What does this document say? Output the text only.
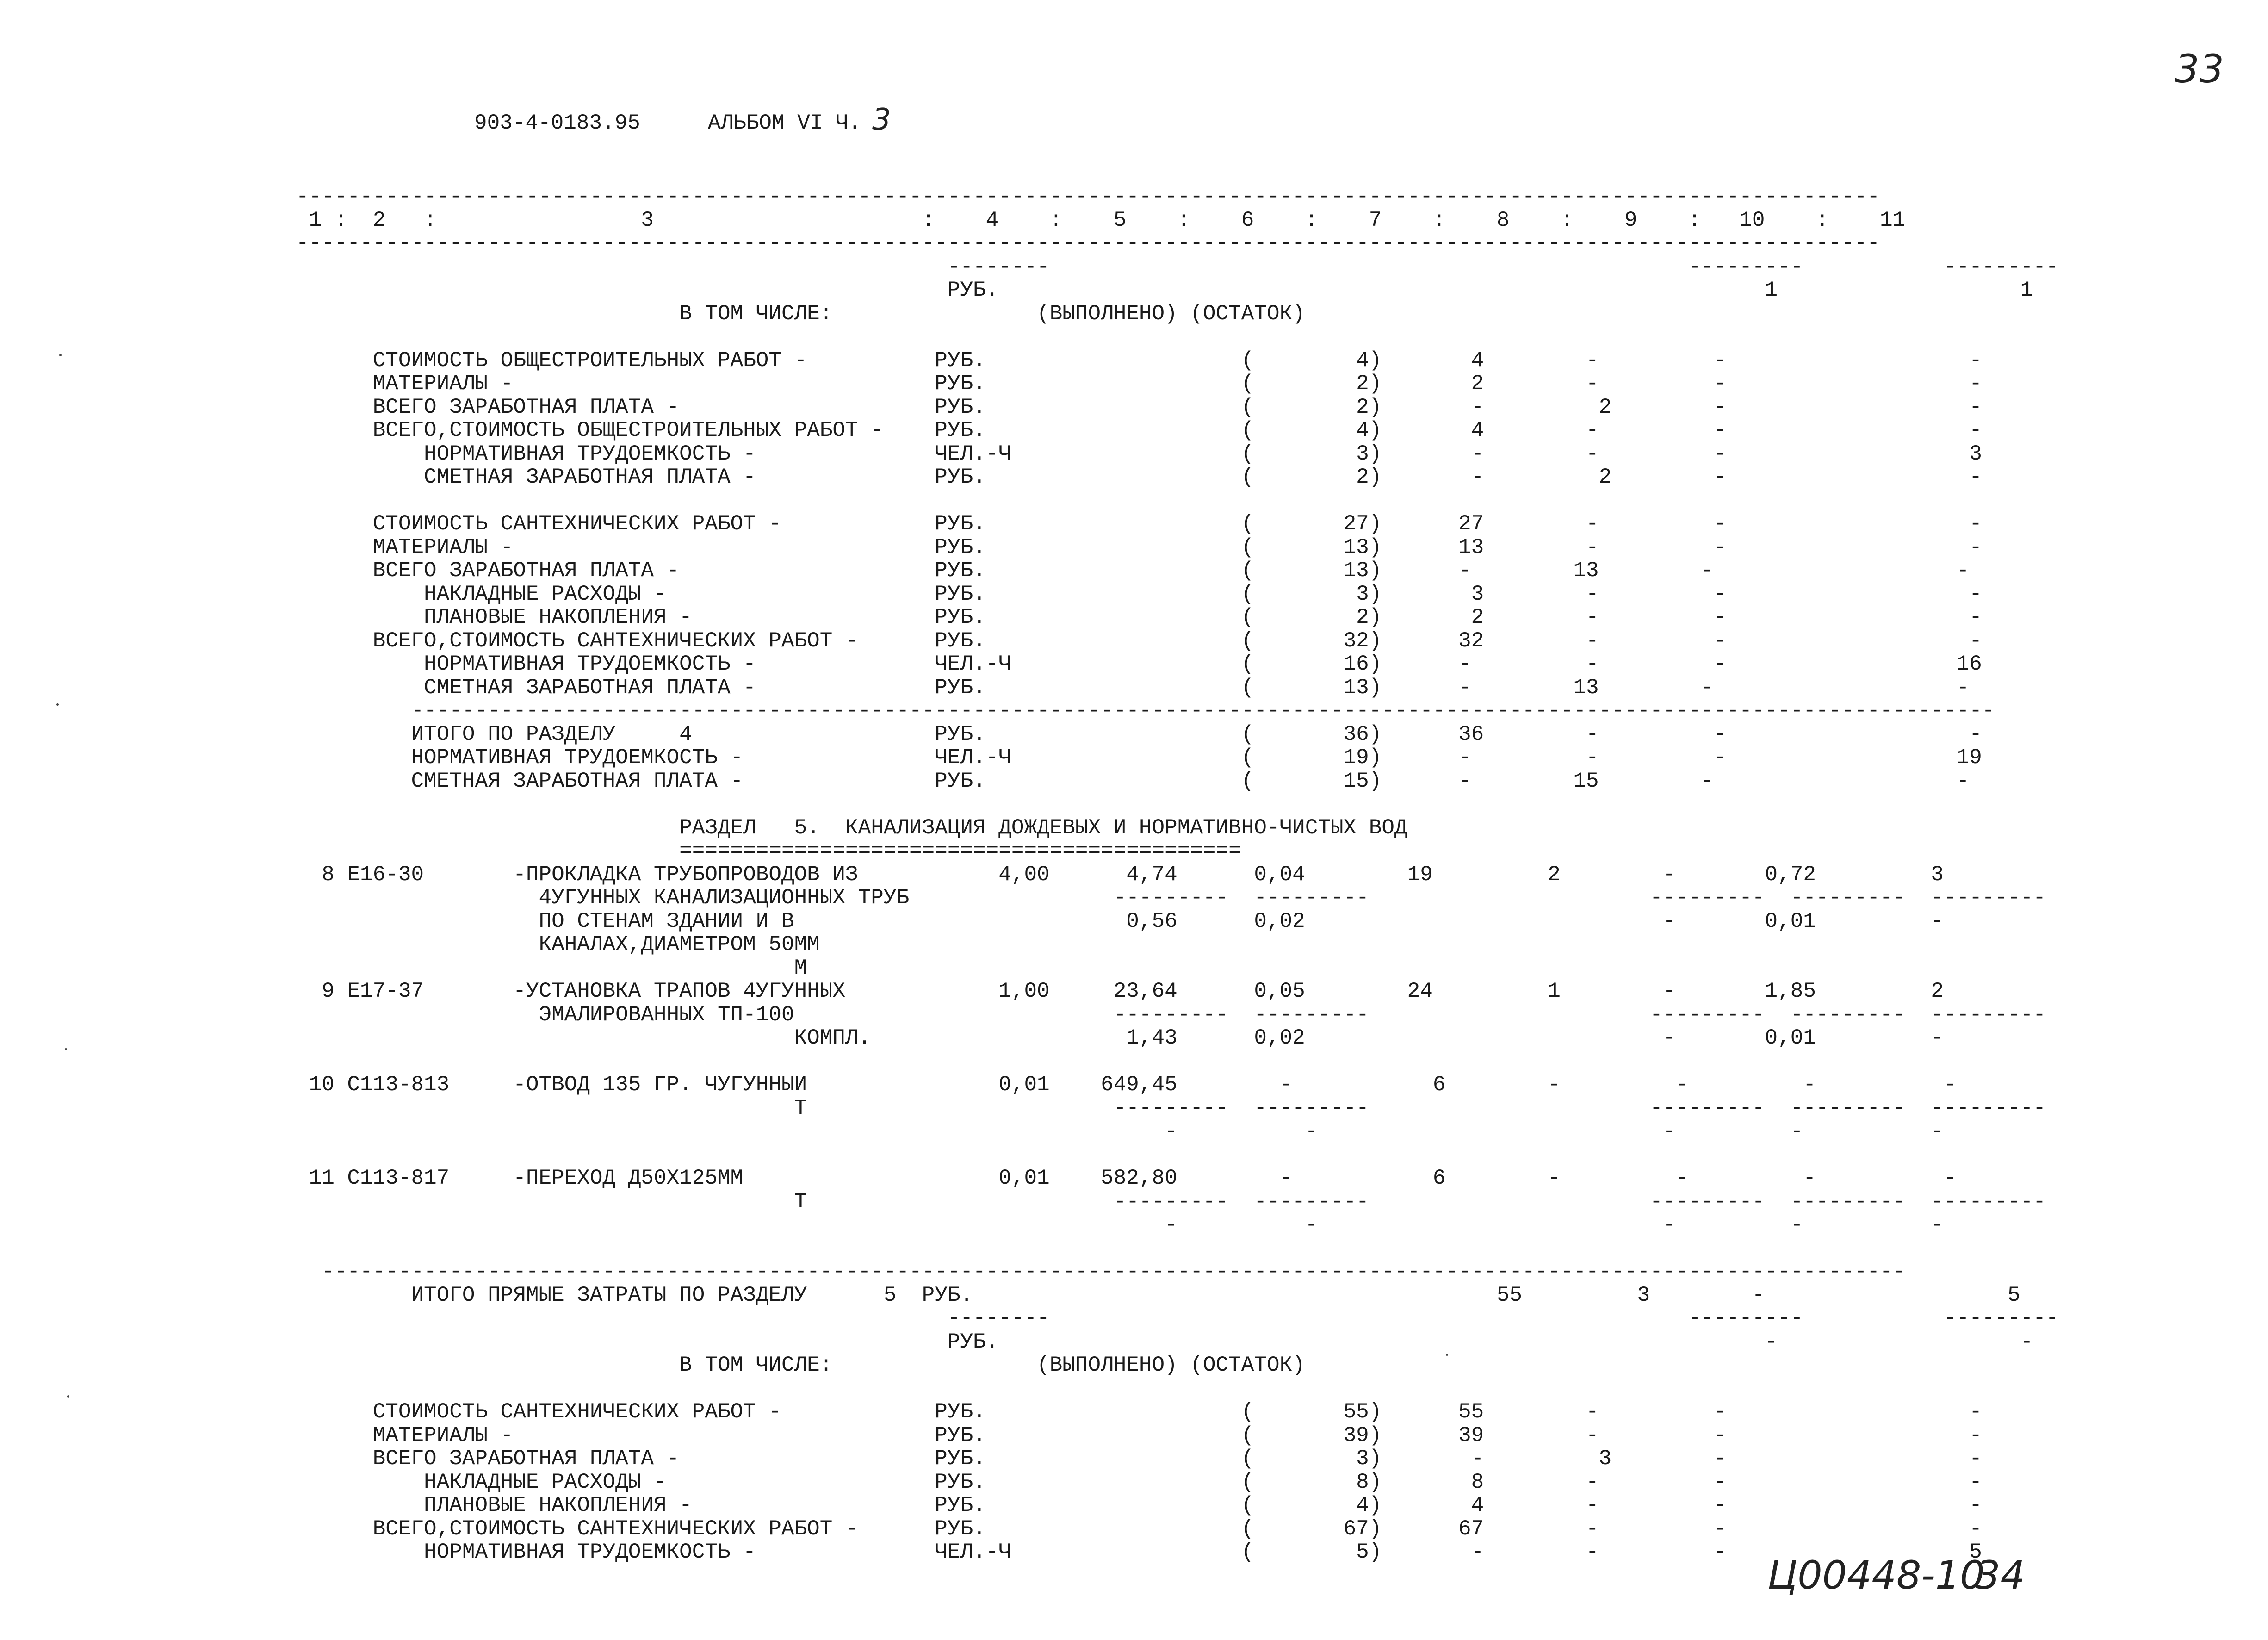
903-4-0183.95	АЛЬБОМ VI Ч. 3
33
----------------------------------------------------------------------------------------------------------------------------
1 :  2   :                3                     :    4    :    5    :    6    :    7    :    8    :    9    :   10    :    11
----------------------------------------------------------------------------------------------------------------------------
--------                                                  ---------           ---------
РУБ.                                                            1                   1
В ТОМ ЧИСЛЕ:                (ВЫПОЛНЕНО) (ОСТАТОК)
СТОИМОСТЬ ОБЩЕСТРОИТЕЛЬНЫХ РАБОТ -          РУБ.                    (        4)       4        -         -                   -
МАТЕРИАЛЫ -                                 РУБ.                    (        2)       2        -         -                   -
ВСЕГО ЗАРАБОТНАЯ ПЛАТА -                    РУБ.                    (        2)       -         2        -                   -
ВСЕГО,СТОИМОСТЬ ОБЩЕСТРОИТЕЛЬНЫХ РАБОТ -    РУБ.                    (        4)       4        -         -                   -
НОРМАТИВНАЯ ТРУДОЕМКОСТЬ -              ЧЕЛ.-Ч                  (        3)       -        -         -                   3
СМЕТНАЯ ЗАРАБОТНАЯ ПЛАТА -              РУБ.                    (        2)       -         2        -                   -
СТОИМОСТЬ САНТЕХНИЧЕСКИХ РАБОТ -            РУБ.                    (       27)      27        -         -                   -
МАТЕРИАЛЫ -                                 РУБ.                    (       13)      13        -         -                   -
ВСЕГО ЗАРАБОТНАЯ ПЛАТА -                    РУБ.                    (       13)      -        13        -                   -
НАКЛАДНЫЕ РАСХОДЫ -                     РУБ.                    (        3)       3        -         -                   -
ПЛАНОВЫЕ НАКОПЛЕНИЯ -                   РУБ.                    (        2)       2        -         -                   -
ВСЕГО,СТОИМОСТЬ САНТЕХНИЧЕСКИХ РАБОТ -      РУБ.                    (       32)      32        -         -                   -
НОРМАТИВНАЯ ТРУДОЕМКОСТЬ -              ЧЕЛ.-Ч                  (       16)      -         -         -                  16
СМЕТНАЯ ЗАРАБОТНАЯ ПЛАТА -              РУБ.                    (       13)      -        13        -                   -
----------------------------------------------------------------------------------------------------------------------------
ИТОГО ПО РАЗДЕЛУ     4                   РУБ.                    (       36)      36        -         -                   -
НОРМАТИВНАЯ ТРУДОЕМКОСТЬ -               ЧЕЛ.-Ч                  (       19)      -         -         -                  19
СМЕТНАЯ ЗАРАБОТНАЯ ПЛАТА -               РУБ.                    (       15)      -        15        -                   -
РАЗДЕЛ   5.  КАНАЛИЗАЦИЯ ДОЖДЕВЫХ И НОРМАТИВНО-ЧИСТЫХ ВОД
============================================
8 Е16-30       -ПРОКЛАДКА ТРУБОПРОВОДОВ ИЗ           4,00      4,74      0,04        19         2        -       0,72         3
4УГУННЫХ КАНАЛИЗАЦИОННЫХ ТРУБ                ---------  ---------                      ---------  ---------  ---------
ПО СТЕНАМ ЗДАНИИ И В                          0,56      0,02                            -       0,01         -
КАНАЛАХ,ДИАМЕТРОМ 50ММ
М
9 Е17-37       -УСТАНОВКА ТРАПОВ 4УГУННЫХ            1,00     23,64      0,05        24         1        -       1,85         2
ЭМАЛИРОВАННЫХ ТП-100                         ---------  ---------                      ---------  ---------  ---------
КОМПЛ.                    1,43      0,02                            -       0,01         -
10 С113-813     -ОТВОД 135 ГР. ЧУГУННЫИ               0,01    649,45        -           6        -         -         -          -
Т                        ---------  ---------                      ---------  ---------  ---------
-          -                           -         -          -
11 С113-817     -ПЕРЕХОД Д50Х125ММ                    0,01    582,80        -           6        -         -         -          -
Т                        ---------  ---------                      ---------  ---------  ---------
-          -                           -         -          -
----------------------------------------------------------------------------------------------------------------------------
ИТОГО ПРЯМЫЕ ЗАТРАТЫ ПО РАЗДЕЛУ      5  РУБ.                                         55         3        -                   5
--------                                                  ---------           ---------
РУБ.                                                            -                   -
В ТОМ ЧИСЛЕ:                (ВЫПОЛНЕНО) (ОСТАТОК)
СТОИМОСТЬ САНТЕХНИЧЕСКИХ РАБОТ -            РУБ.                    (       55)      55        -         -                   -
МАТЕРИАЛЫ -                                 РУБ.                    (       39)      39        -         -                   -
ВСЕГО ЗАРАБОТНАЯ ПЛАТА -                    РУБ.                    (        3)       -         3        -                   -
НАКЛАДНЫЕ РАСХОДЫ -                     РУБ.                    (        8)       8        -         -                   -
ПЛАНОВЫЕ НАКОПЛЕНИЯ -                   РУБ.                    (        4)       4        -         -                   -
ВСЕГО,СТОИМОСТЬ САНТЕХНИЧЕСКИХ РАБОТ -      РУБ.                    (       67)      67        -         -                   -
НОРМАТИВНАЯ ТРУДОЕМКОСТЬ -              ЧЕЛ.-Ч                  (        5)       -        -         -                   5
Ц00448-10
34
